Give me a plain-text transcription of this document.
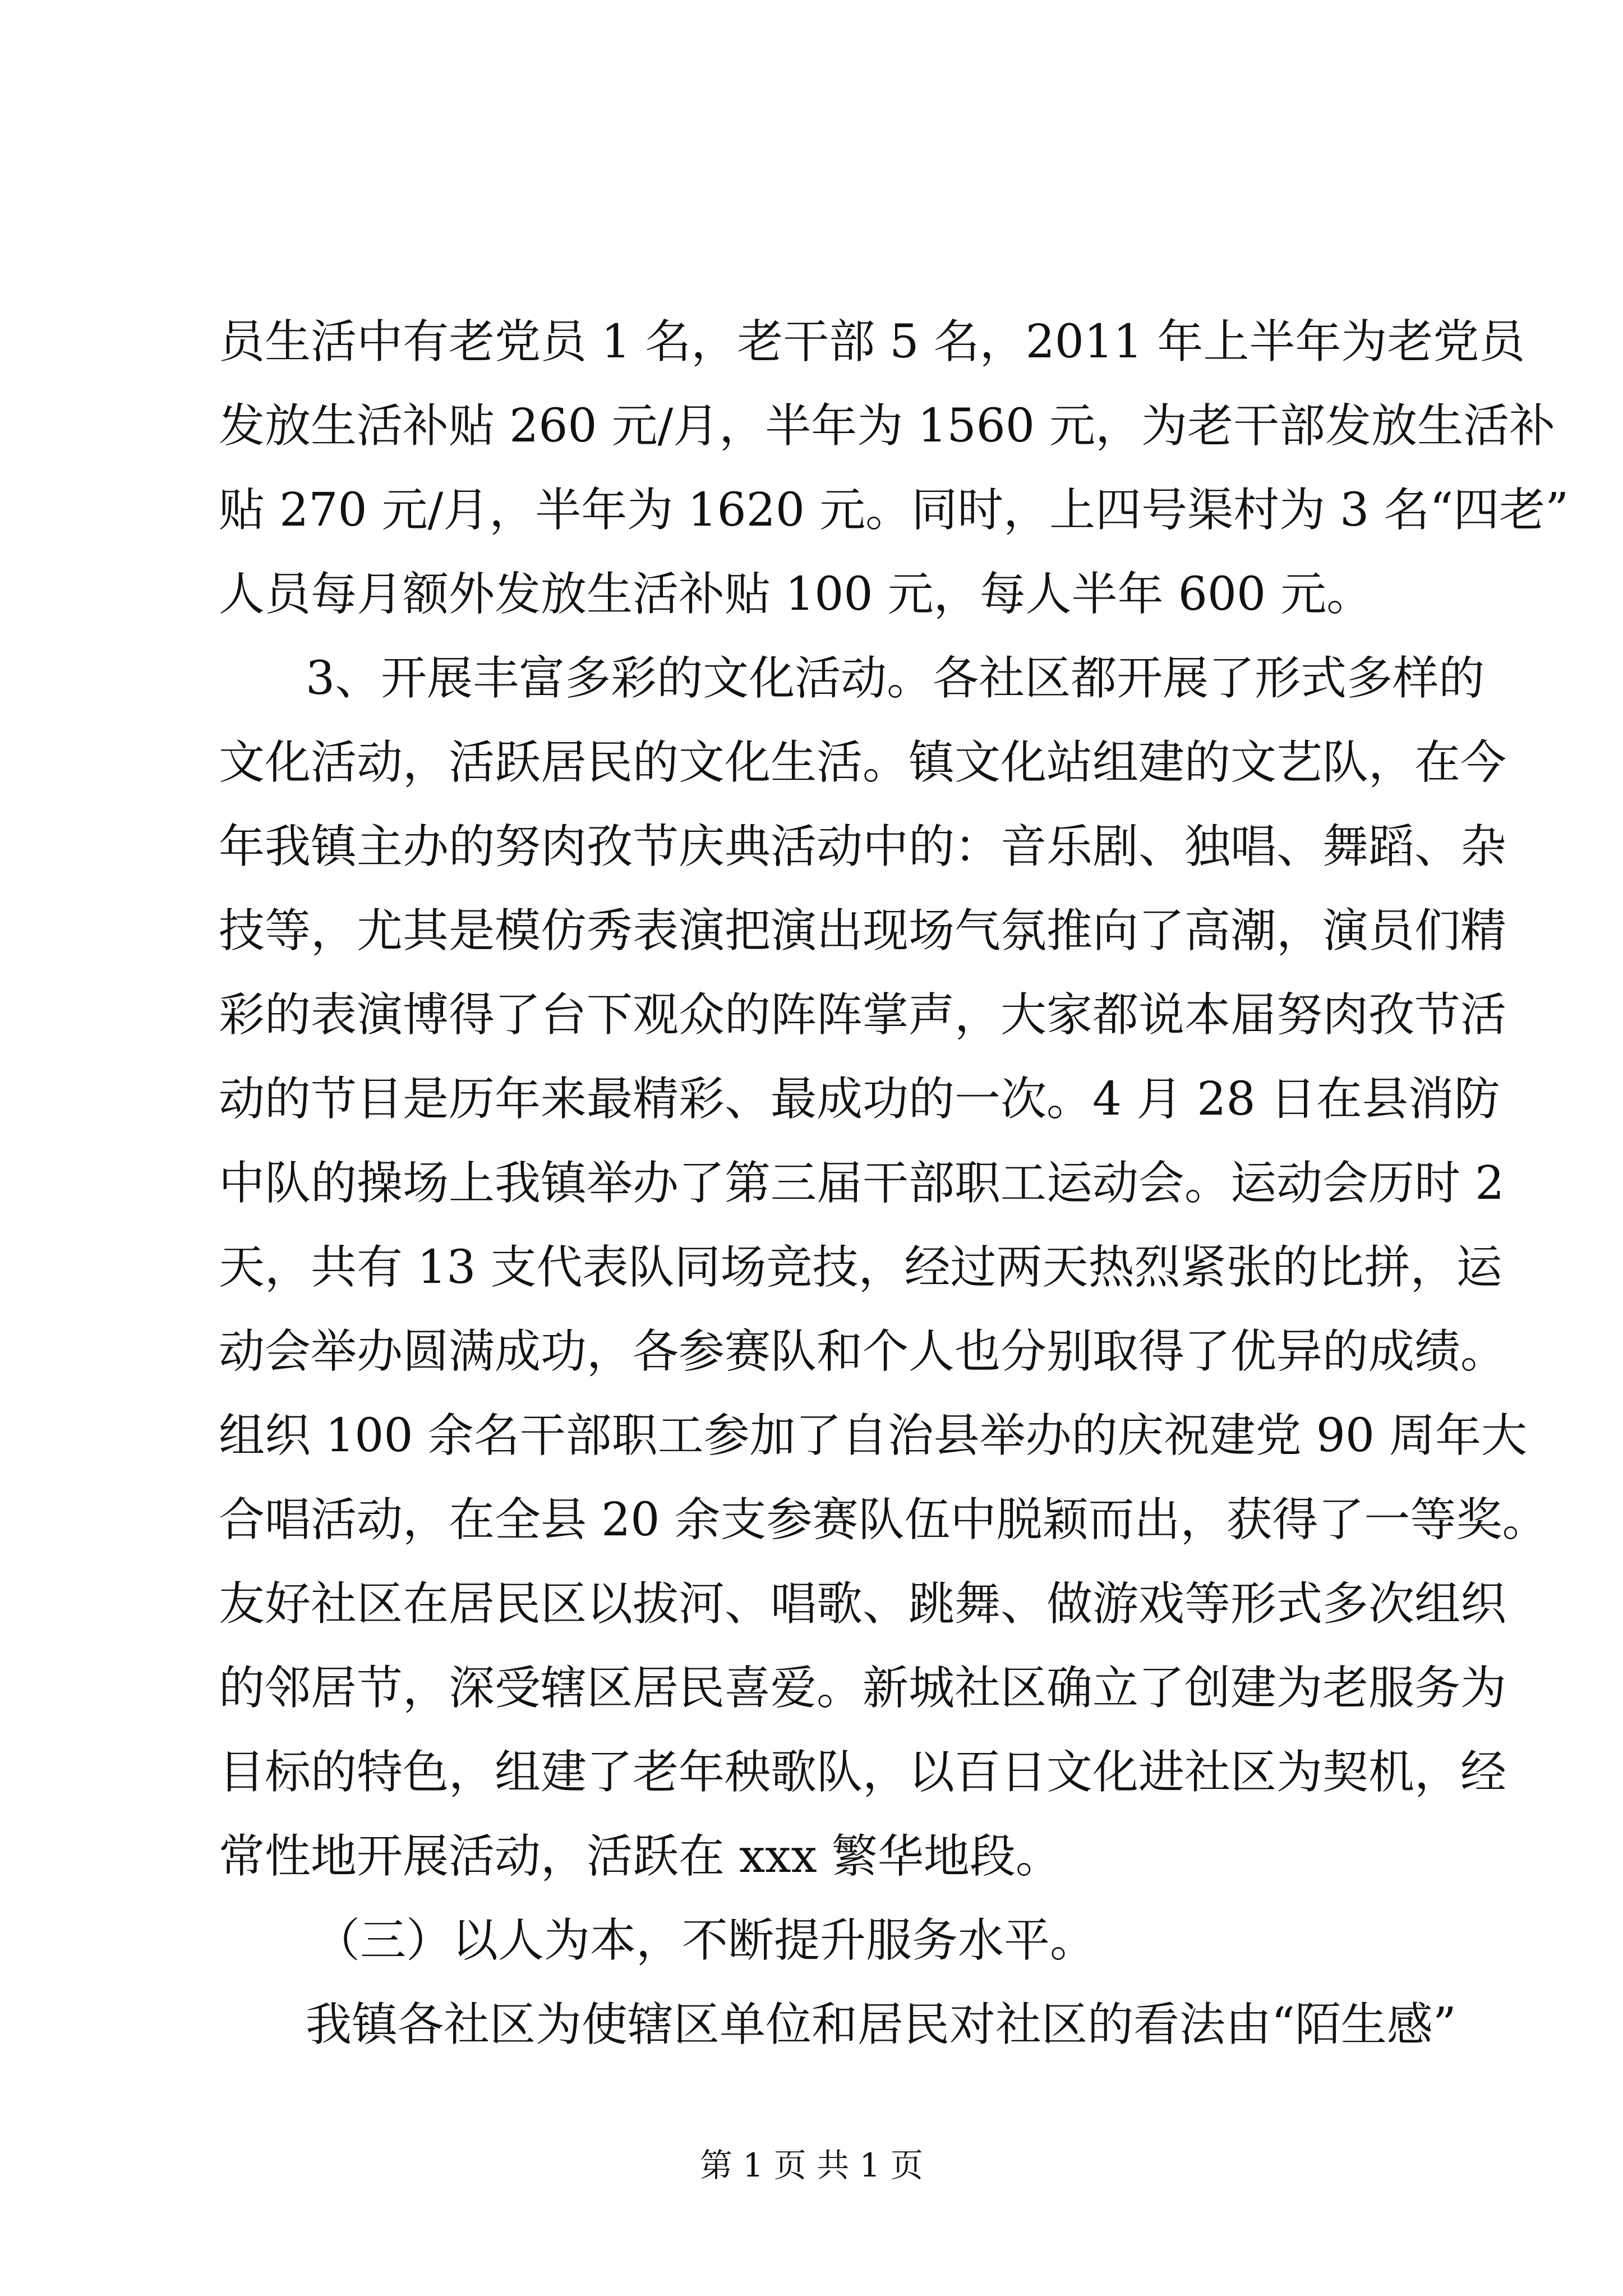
员生活中有老党员 1 名，老干部 5 名，2011 年上半年为老党员
发放生活补贴 260 元/月，半年为 1560 元，为老干部发放生活补
贴 270 元/月，半年为 1620 元。同时，上四号渠村为 3 名“四老”
人员每月额外发放生活补贴 100 元，每人半年 600 元。
3、开展丰富多彩的文化活动。各社区都开展了形式多样的
文化活动，活跃居民的文化生活。镇文化站组建的文艺队，在今
年我镇主办的努肉孜节庆典活动中的：音乐剧、独唱、舞蹈、杂
技等，尤其是模仿秀表演把演出现场气氛推向了高潮，演员们精
彩的表演博得了台下观众的阵阵掌声，大家都说本届努肉孜节活
动的节目是历年来最精彩、最成功的一次。4 月 28 日在县消防
中队的操场上我镇举办了第三届干部职工运动会。运动会历时 2
天，共有 13 支代表队同场竞技，经过两天热烈紧张的比拼，运
动会举办圆满成功，各参赛队和个人也分别取得了优异的成绩。
组织 100 余名干部职工参加了自治县举办的庆祝建党 90 周年大
合唱活动，在全县 20 余支参赛队伍中脱颖而出，获得了一等奖。
友好社区在居民区以拔河、唱歌、跳舞、做游戏等形式多次组织
的邻居节，深受辖区居民喜爱。新城社区确立了创建为老服务为
目标的特色，组建了老年秧歌队，以百日文化进社区为契机，经
常性地开展活动，活跃在 xxx 繁华地段。
（三）以人为本，不断提升服务水平。
我镇各社区为使辖区单位和居民对社区的看法由“陌生感”
第 1 页 共 1 页
